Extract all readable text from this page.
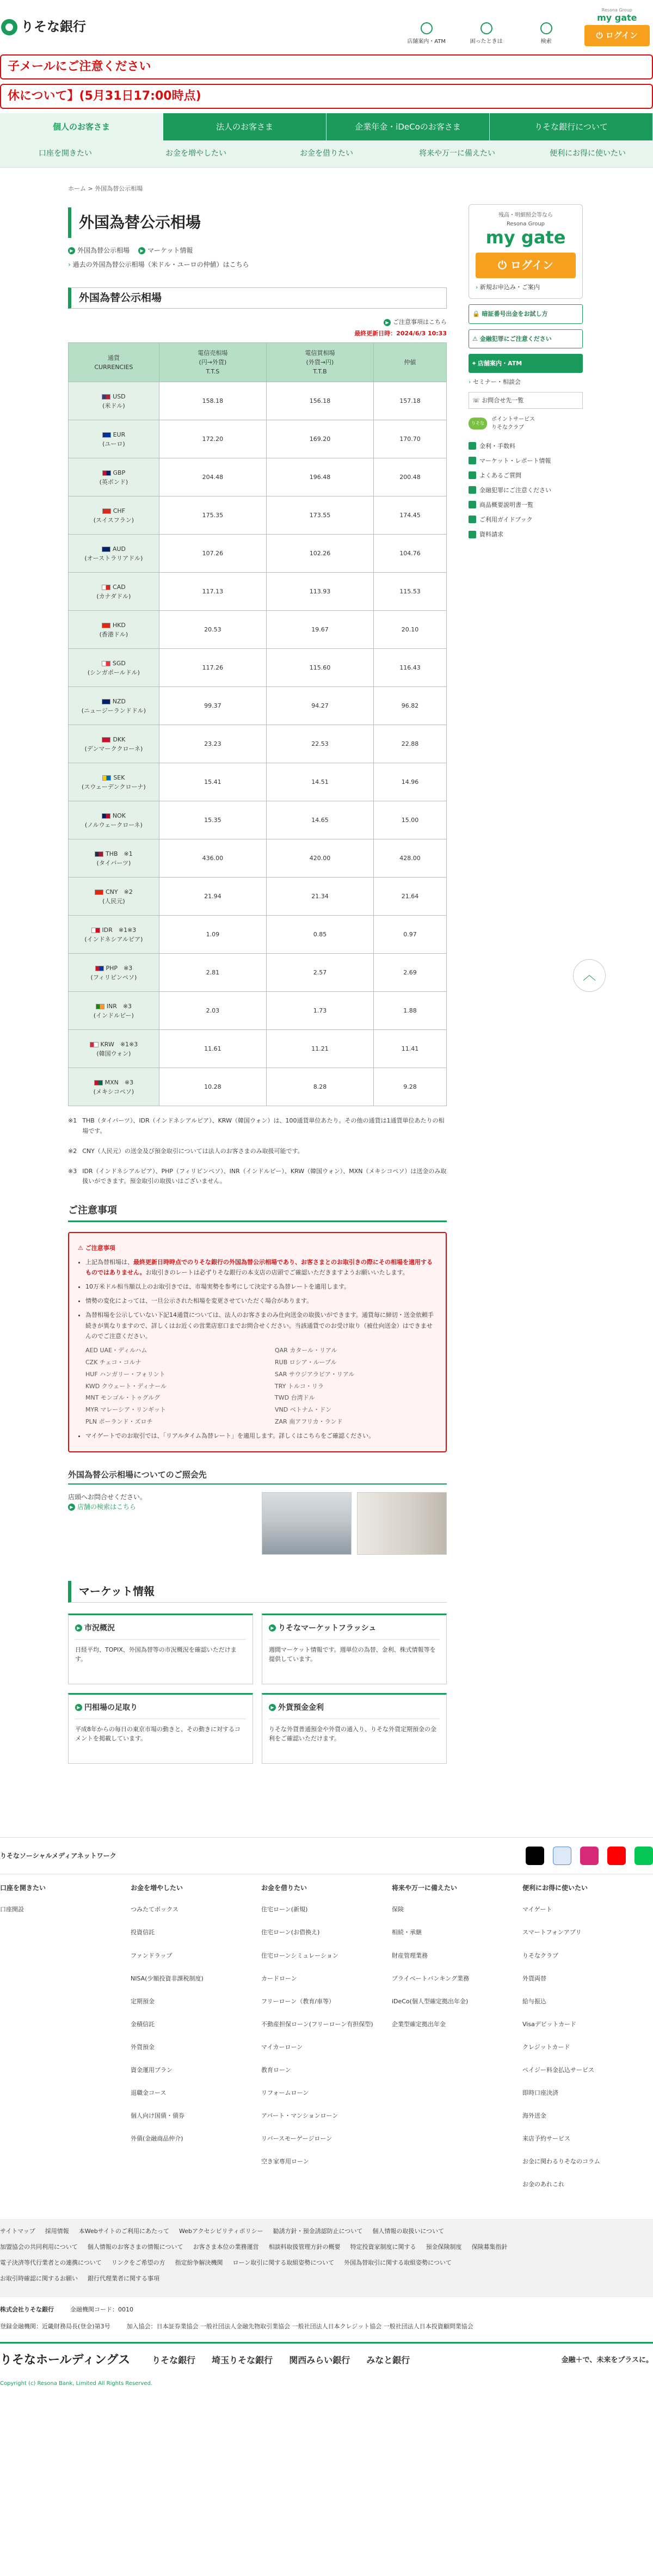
りそな銀行
店舗案内・ATM	困ったときは	検索
Resona Group
my gate
⏻ ログイン
子メールにご注意ください
休について】(5月31日17:00時点)
個人のお客さま	法人のお客さま	企業年金・iDeCoのお客さま	りそな銀行について
口座を開きたい	お金を増やしたい	お金を借りたい	将来や万一に備えたい	便利にお得に使いたい
ホーム > 外国為替公示相場
外国為替公示相場
▶ 外国為替公示相場	▶ マーケット情報
› 過去の外国為替公示相場（米ドル・ユーロの仲値）はこちら
外国為替公示相場
▶ ご注意事項はこちら
最終更新日時：2024/6/3 10:33
通貨
CURRENCIES	電信売相場
(円→外貨)
T.T.S	電信買相場
(外貨→円)
T.T.B	仲値
USD
(米ドル)	158.18	156.18	157.18
EUR
(ユーロ)	172.20	169.20	170.70
GBP
(英ポンド)	204.48	196.48	200.48
CHF
(スイスフラン)	175.35	173.55	174.45
AUD
(オーストラリアドル)	107.26	102.26	104.76
CAD
(カナダドル)	117.13	113.93	115.53
HKD
(香港ドル)	20.53	19.67	20.10
SGD
(シンガポールドル)	117.26	115.60	116.43
NZD
(ニュージーランドドル)	99.37	94.27	96.82
DKK
(デンマーククローネ)	23.23	22.53	22.88
SEK
(スウェーデンクローナ)	15.41	14.51	14.96
NOK
(ノルウェークローネ)	15.35	14.65	15.00
THB　※1
(タイバーツ)	436.00	420.00	428.00
CNY　※2
(人民元)	21.94	21.34	21.64
IDR　※1※3
(インドネシアルピア)	1.09	0.85	0.97
PHP　※3
(フィリピンペソ)	2.81	2.57	2.69
INR　※3
(インドルピー)	2.03	1.73	1.88
KRW　※1※3
(韓国ウォン)	11.61	11.21	11.41
MXN　※3
(メキシコペソ)	10.28	8.28	9.28
※1 THB（タイバーツ）、IDR（インドネシアルピア）、KRW（韓国ウォン）は、100通貨単位あたり。その他の通貨は1通貨単位あたりの相場です。
※2 CNY（人民元）の送金及び預金取引については法人のお客さまのみ取扱可能です。
※3 IDR（インドネシアルピア）、PHP（フィリピンペソ）、INR（インドルピー）、KRW（韓国ウォン）、MXN（メキシコペソ）は送金のみ取扱いができます。預金取引の取扱いはございません。
ご注意事項
⚠ ご注意事項
• 上記為替相場は、最終更新日時時点でのりそな銀行の外国為替公示相場であり、お客さまとのお取引きの際にその相場を適用するものではありません。お取引きのレートは必ずりそな銀行の本支店の店頭でご確認いただきますようお願いいたします。
• 10万米ドル相当額以上のお取引きでは、市場実勢を参考にして決定する為替レートを適用します。
• 情勢の変化によっては、一旦公示された相場を変更させていただく場合があります。
• 為替相場を公示していない下記14通貨については、法人のお客さまのみ仕向送金の取扱いができます。通貨毎に締切・送金依頼手続きが異なりますので、詳しくはお近くの営業店窓口までお問合せください。当該通貨でのお受け取り（被仕向送金）はできませんのでご注意ください。
AED UAE・ディルハム	QAR カタール・リアル
CZK チェコ・コルナ	RUB ロシア・ルーブル
HUF ハンガリー・フォリント	SAR サウジアラビア・リアル
KWD クウェート・ディナール	TRY トルコ・リラ
MNT モンゴル・トゥグルグ	TWD 台湾ドル
MYR マレーシア・リンギット	VND ベトナム・ドン
PLN ポーランド・ズロチ	ZAR 南アフリカ・ランド
• マイゲートでのお取引では、「リアルタイム為替レート」を適用します。詳しくはこちらをご確認ください。
外国為替公示相場についてのご照会先
店頭へお問合せください。
▶ 店舗の検索はこちら
マーケット情報
▶ 市況概況

日経平均、TOPIX、外国為替等の市況概況を確認いただけます。

▶ りそなマーケットフラッシュ

週間マーケット情報です。週単位の為替、金利、株式情報等を提供しています。

▶ 円相場の足取り

平成8年からの毎日の東京市場の動きと、その動きに対するコメントを掲載しています。

▶ 外貨預金金利

りそな外貨普通預金や外貨の通入り、りそな外貨定期預金の金利をご確認いただけます。

残高・明細照会等なら
Resona Group
my gate
⏻ ログイン
› 新規お申込み・ご案内
🔒 暗証番号出金をお試し方
⚠ 金融犯罪にご注意ください
⌖ 店舗案内・ATM
› セミナー・相談会
☏ お問合せ先一覧
りそな
ポイントサービス
りそなクラブ
金利・手数料
マーケット・レポート情報
よくあるご質問
金融犯罪にご注意ください
商品概要説明書一覧
ご利用ガイドブック
資料請求
︿
りそなソーシャルメディアネットワーク
口座を開きたい
口座開設
お金を増やしたい
つみたてボックス
投資信託
ファンドラップ
NISA(少額投資非課税制度)
定期預金
金積信託
外貨預金
資金運用プラン
退職金コース
個人向け国債・債券
外債(金融商品仲介)
お金を借りたい
住宅ローン(新規)
住宅ローン(お借換え)
住宅ローンシミュレーション
カードローン
フリーローン（教育/車等）
不動産担保ローン(フリーローン有担保型)
マイカーローン
教育ローン
リフォームローン
アパート・マンションローン
リバースモーゲージローン
空き家専用ローン
将来や万一に備えたい
保険
相続・承継
財産管理業務
プライベートバンキング業務
iDeCo(個人型確定拠出年金)
企業型確定拠出年金
便利にお得に使いたい
マイゲート
スマートフォンアプリ
りそなクラブ
外貨両替
給与振込
Visaデビットカード
クレジットカード
ペイジー料金払込サービス
即時口座決済
海外送金
来店予約サービス
お金に関わるりそなのコラム
お金のあれこれ
サイトマップ 採用情報 本Webサイトのご利用にあたって Webアクセシビリティポリシー 勧誘方針・預金誘認防止について 個人情報の取扱いについて
加盟協会の共同利用について 個人情報のお客さまの情報について お客さま本位の業務運営 相談料取扱管理方針の概要 特定投資家制度に関する 預金保険制度 保険募集指針
電子決済等代行業者との連携について リンクをご希望の方 指定紛争解決機関 ローン取引に関する取組姿勢について 外国為替取引に関する取組姿勢について
お取引時確認に関するお願い 銀行代理業者に関する事項
株式会社りそな銀行	金融機関コード：0010
登録金融機関：近畿財務局長(登金)第3号	加入協会：日本証券業協会 一般社団法人金融先物取引業協会 一般社団法人日本クレジット協会 一般社団法人日本投資顧問業協会
りそなホールディングス	りそな銀行 埼玉りそな銀行 関西みらい銀行 みなと銀行	金融＋で、未来をプラスに。
Copyright (c) Resona Bank, Limited All Rights Reserved.
